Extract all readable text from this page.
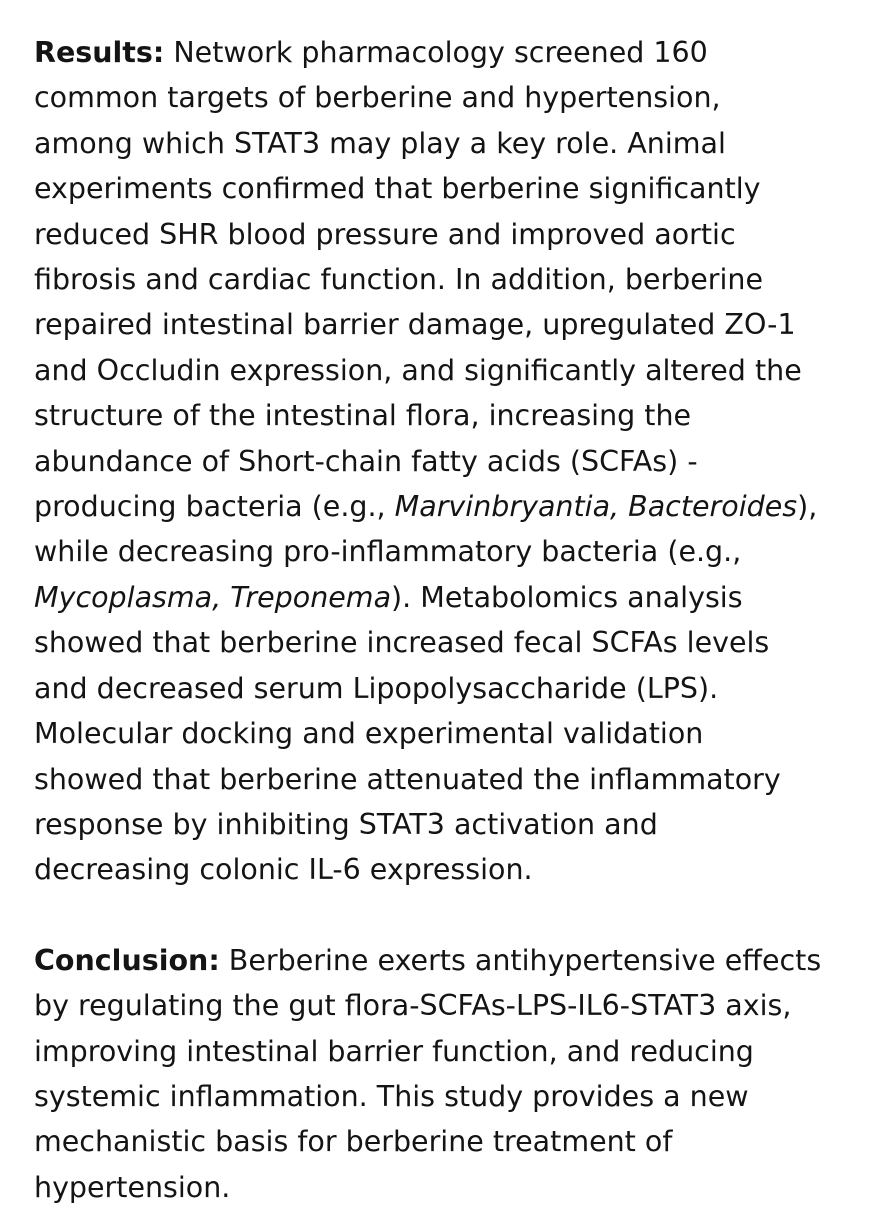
Results: Network pharmacology screened 160
common targets of berberine and hypertension,
among which STAT3 may play a key role. Animal
experiments confirmed that berberine significantly
reduced SHR blood pressure and improved aortic
fibrosis and cardiac function. In addition, berberine
repaired intestinal barrier damage, upregulated ZO-1
and Occludin expression, and significantly altered the
structure of the intestinal flora, increasing the
abundance of Short-chain fatty acids (SCFAs) -
producing bacteria (e.g., Marvinbryantia, Bacteroides),
while decreasing pro-inflammatory bacteria (e.g.,
Mycoplasma, Treponema). Metabolomics analysis
showed that berberine increased fecal SCFAs levels
and decreased serum Lipopolysaccharide (LPS).
Molecular docking and experimental validation
showed that berberine attenuated the inflammatory
response by inhibiting STAT3 activation and
decreasing colonic IL-6 expression.

Conclusion: Berberine exerts antihypertensive effects
by regulating the gut flora-SCFAs-LPS-IL6-STAT3 axis,
improving intestinal barrier function, and reducing
systemic inflammation. This study provides a new
mechanistic basis for berberine treatment of
hypertension.
